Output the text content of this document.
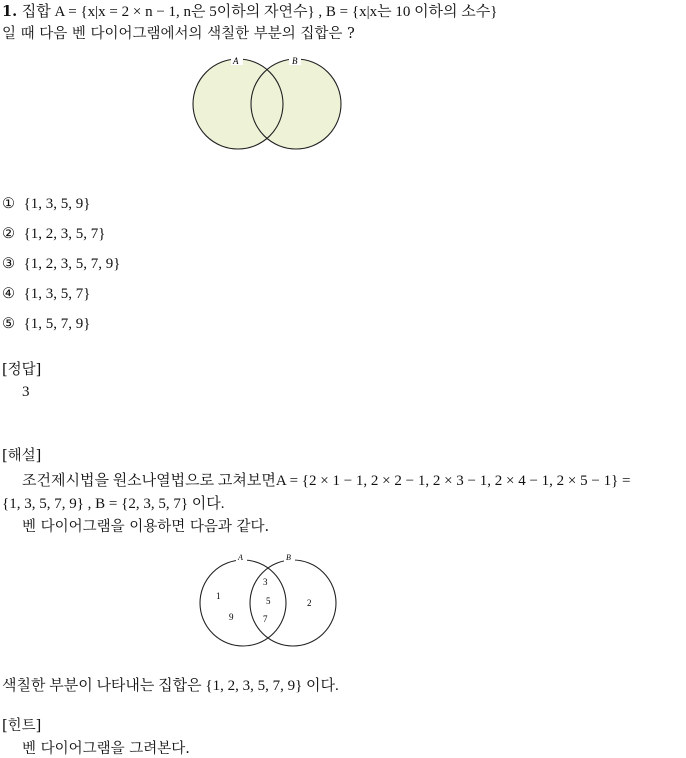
1. 집합 A = {x|x = 2 × n − 1, n은 5이하의 자연수} , B = {x|x는 10 이하의 소수}
일 때 다음 벤 다이어그램에서의 색칠한 부분의 집합은 ?
A	B
① {1, 3, 5, 9}
② {1, 2, 3, 5, 7}
③ {1, 2, 3, 5, 7, 9}
④ {1, 3, 5, 7}
⑤ {1, 5, 7, 9}
[정답]
3
[해설]
조건제시법을 원소나열법으로 고쳐보면A = {2 × 1 − 1, 2 × 2 − 1, 2 × 3 − 1, 2 × 4 − 1, 2 × 5 − 1} =
{1, 3, 5, 7, 9} , B = {2, 3, 5, 7} 이다.
벤 다이어그램을 이용하면 다음과 같다.
A	B
1
9
3
5
7
2
색칠한 부분이 나타내는 집합은 {1, 2, 3, 5, 7, 9} 이다.
[힌트]
벤 다이어그램을 그려본다.
